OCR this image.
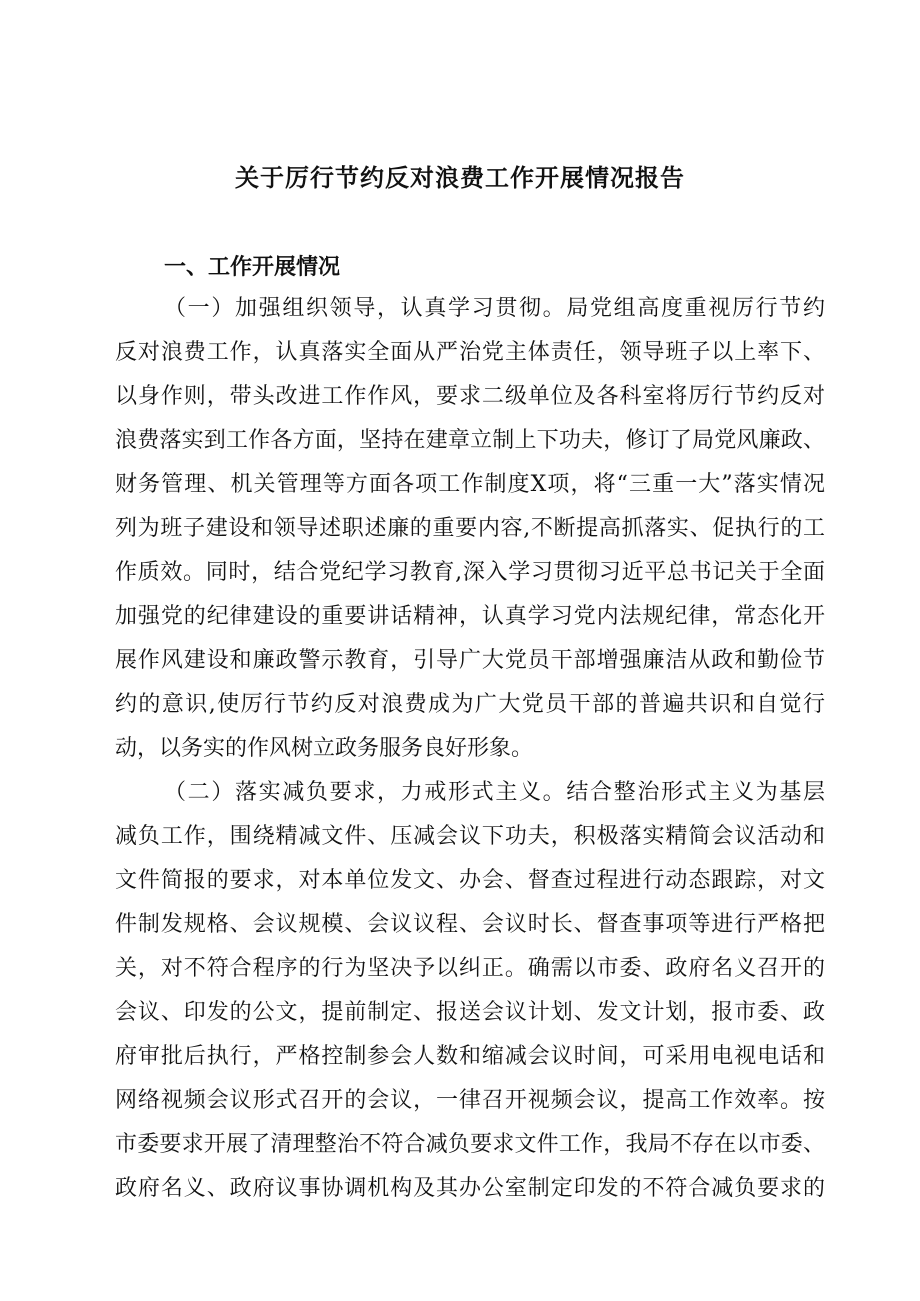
关于厉行节约反对浪费工作开展情况报告
一、工作开展情况
（一）加强组织领导，认真学习贯彻。局党组高度重视厉行节约
反对浪费工作，认真落实全面从严治党主体责任，领导班子以上率下、
以身作则，带头改进工作作风，要求二级单位及各科室将厉行节约反对
浪费落实到工作各方面，坚持在建章立制上下功夫，修订了局党风廉政、
财务管理、机关管理等方面各项工作制度X项，将“三重一大”落实情况
列为班子建设和领导述职述廉的重要内容,不断提高抓落实、促执行的工
作质效。同时，结合党纪学习教育,深入学习贯彻习近平总书记关于全面
加强党的纪律建设的重要讲话精神，认真学习党内法规纪律，常态化开
展作风建设和廉政警示教育，引导广大党员干部增强廉洁从政和勤俭节
约的意识,使厉行节约反对浪费成为广大党员干部的普遍共识和自觉行
动，以务实的作风树立政务服务良好形象。
（二）落实减负要求，力戒形式主义。结合整治形式主义为基层
减负工作，围绕精减文件、压减会议下功夫，积极落实精简会议活动和
文件简报的要求，对本单位发文、办会、督查过程进行动态跟踪，对文
件制发规格、会议规模、会议议程、会议时长、督查事项等进行严格把
关，对不符合程序的行为坚决予以纠正。确需以市委、政府名义召开的
会议、印发的公文，提前制定、报送会议计划、发文计划，报市委、政
府审批后执行，严格控制参会人数和缩减会议时间，可采用电视电话和
网络视频会议形式召开的会议，一律召开视频会议，提高工作效率。按
市委要求开展了清理整治不符合减负要求文件工作，我局不存在以市委、
政府名义、政府议事协调机构及其办公室制定印发的不符合减负要求的
